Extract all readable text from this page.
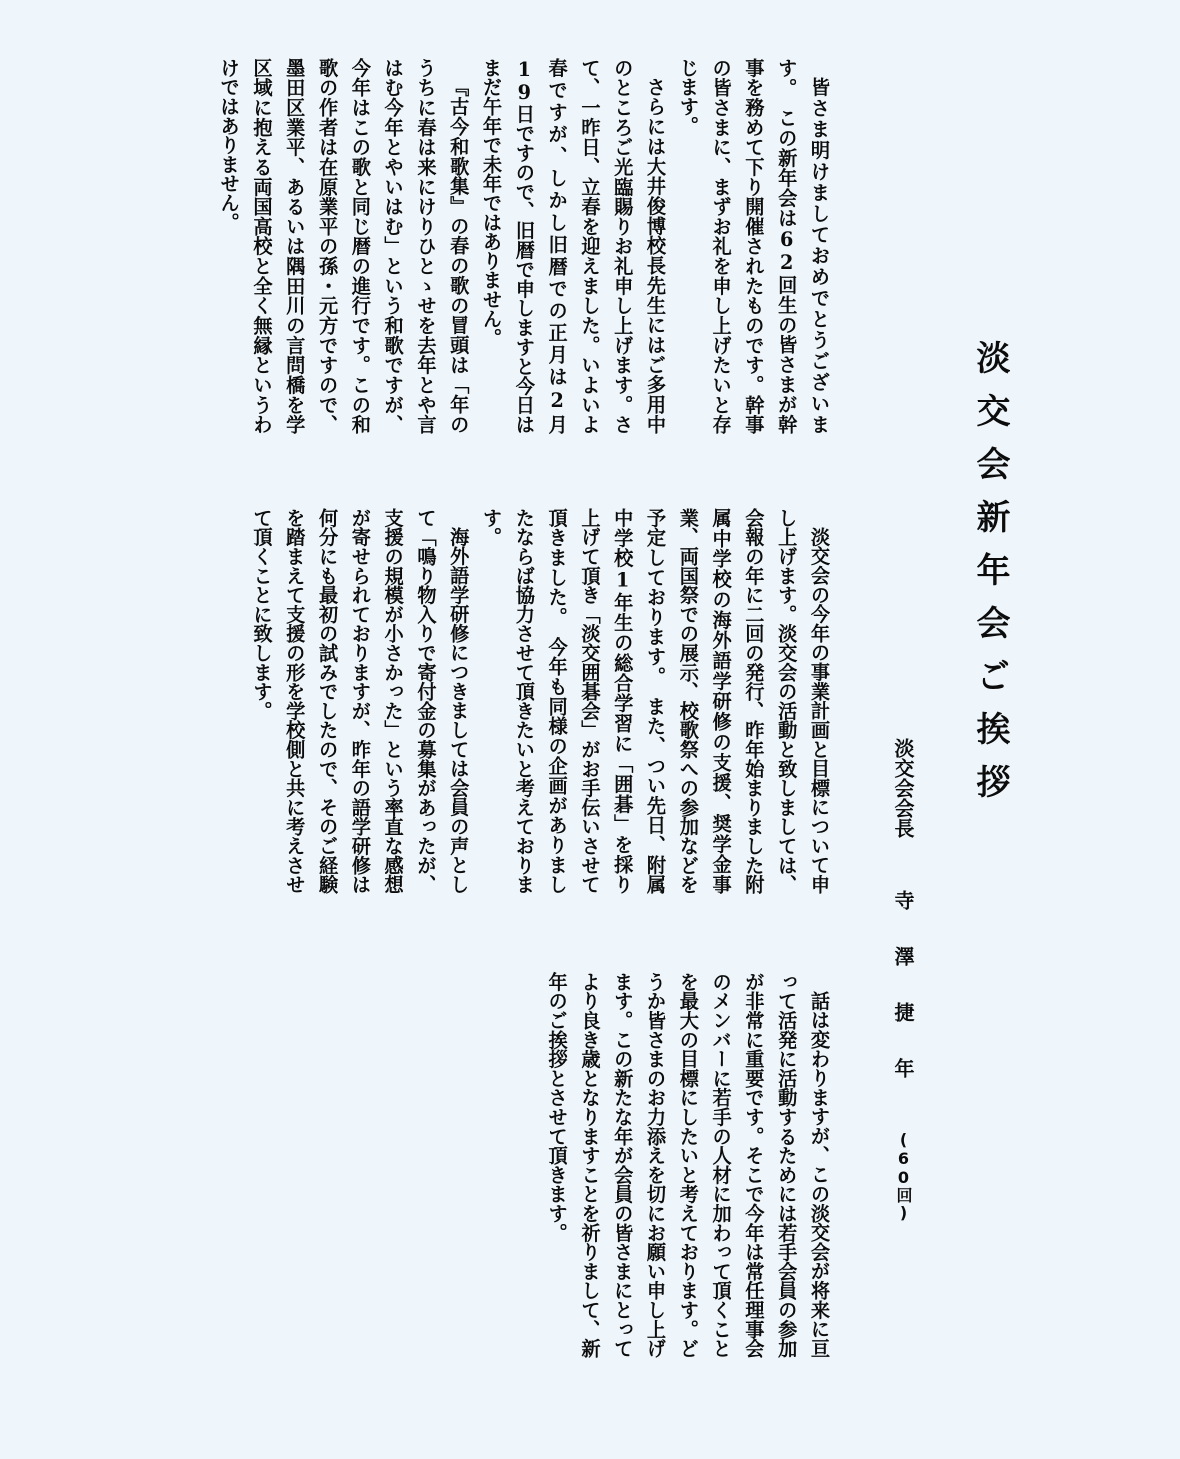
淡交会新年会ご挨拶
淡交会会長
寺澤捷年
(60回)

皆さま明けましておめでとうございます。　この新年会は62回生の皆さまが幹事を務めて下り開催されたものです。幹事の皆さまに、まずお礼を申し上げたいと存じます。

さらには大井俊博校長先生にはご多用中のところご光臨賜りお礼申し上げます。さて、一昨日、立春を迎えました。いよいよ春ですが、しかし旧暦での正月は2月19日ですので、旧暦で申しますと今日はまだ午年で未年ではありません。

『古今和歌集』の春の歌の冒頭は「年のうちに春は来にけりひとゝせを去年とや言はむ今年とやいはむ」という和歌ですが、今年はこの歌と同じ暦の進行です。この和歌の作者は在原業平の孫・元方ですので、墨田区業平、あるいは隅田川の言問橋を学区域に抱える両国高校と全く無縁というわけではありません。

淡交会の今年の事業計画と目標について申し上げます。淡交会の活動と致しましては、会報の年に二回の発行、昨年始まりました附属中学校の海外語学研修の支援、奨学金事業、両国祭での展示、校歌祭への参加などを予定しております。　また、つい先日、附属中学校1年生の総合学習に「囲碁」を採り上げて頂き「淡交囲碁会」がお手伝いさせて頂きました。　今年も同様の企画がありましたならば協力させて頂きたいと考えております。

海外語学研修につきましては会員の声として「鳴り物入りで寄付金の募集があったが、支援の規模が小さかった」という率直な感想が寄せられておりますが、昨年の語学研修は何分にも最初の試みでしたので、そのご経験を踏まえて支援の形を学校側と共に考えさせて頂くことに致します。

話は変わりますが、この淡交会が将来に亘って活発に活動するためには若手会員の参加が非常に重要です。そこで今年は常任理事会のメンバーに若手の人材に加わって頂くことを最大の目標にしたいと考えております。どうか皆さまのお力添えを切にお願い申し上げます。この新たな年が会員の皆さまにとってより良き歳となりますことを祈りまして、新年のご挨拶とさせて頂きます。
